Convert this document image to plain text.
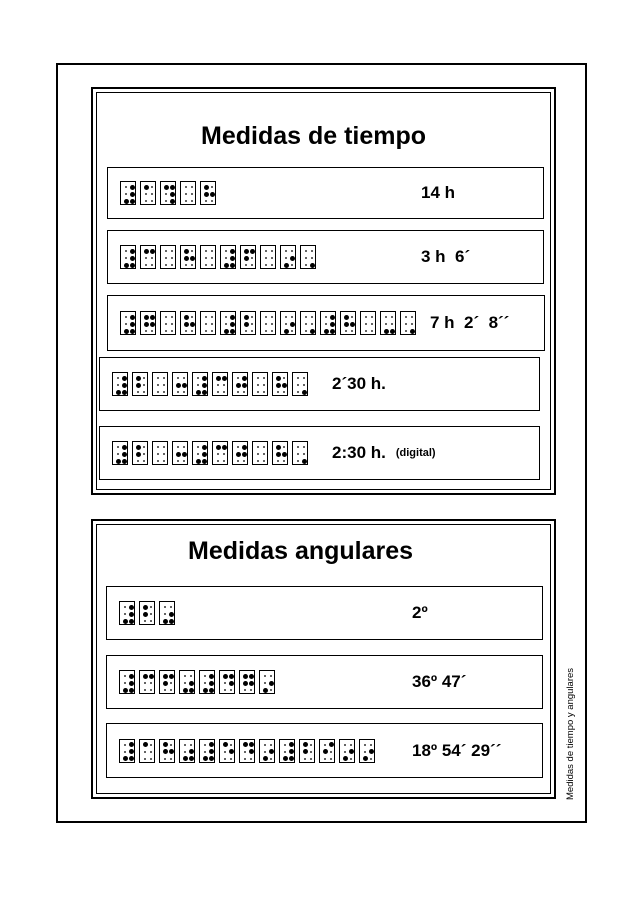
Medidas de tiempo
14 h
3 h  6´
7 h  2´  8´´
2´30 h.
2:30 h. (digital)
Medidas angulares
2º
36º 47´
18º 54´ 29´´	Medidas de tiempo y angulares
